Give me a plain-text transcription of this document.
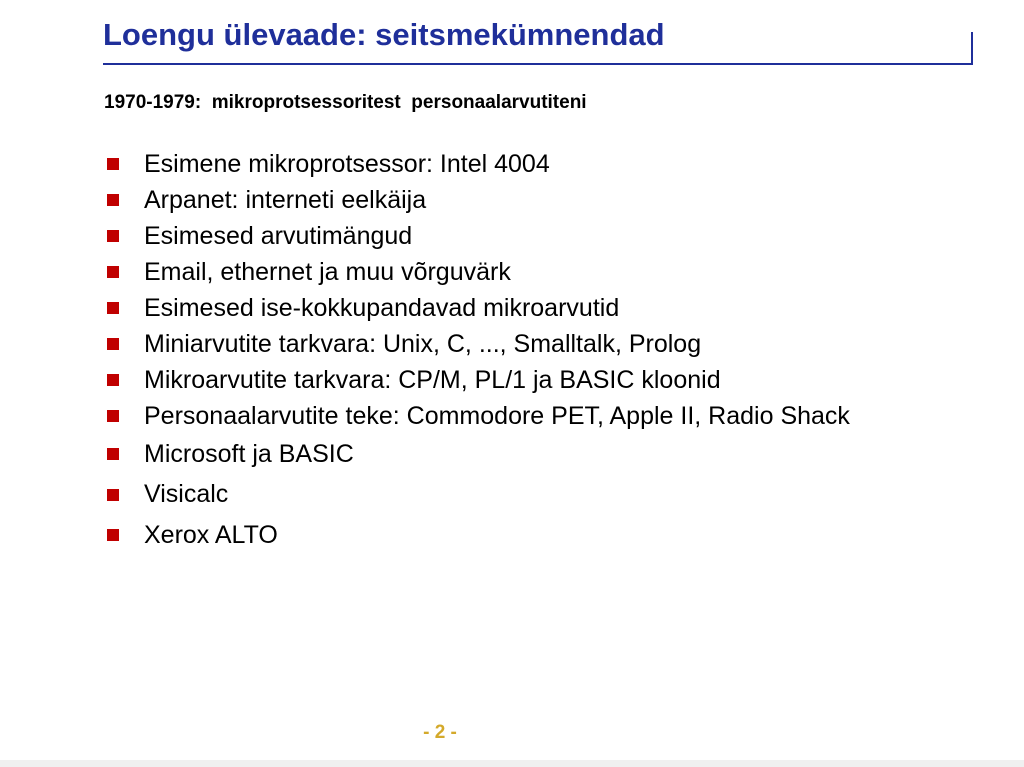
Loengu ülevaade: seitsmekümnendad
1970-1979:  mikroprotsessoritest  personaalarvutiteni
Esimene mikroprotsessor: Intel 4004
Arpanet: interneti eelkäija
Esimesed arvutimängud
Email, ethernet ja muu võrguvärk
Esimesed ise-kokkupandavad mikroarvutid
Miniarvutite tarkvara: Unix, C, ..., Smalltalk, Prolog
Mikroarvutite tarkvara: CP/M, PL/1 ja BASIC kloonid
Personaalarvutite teke: Commodore PET, Apple II, Radio Shack
Microsoft ja BASIC
Visicalc
Xerox ALTO
- 2 -
